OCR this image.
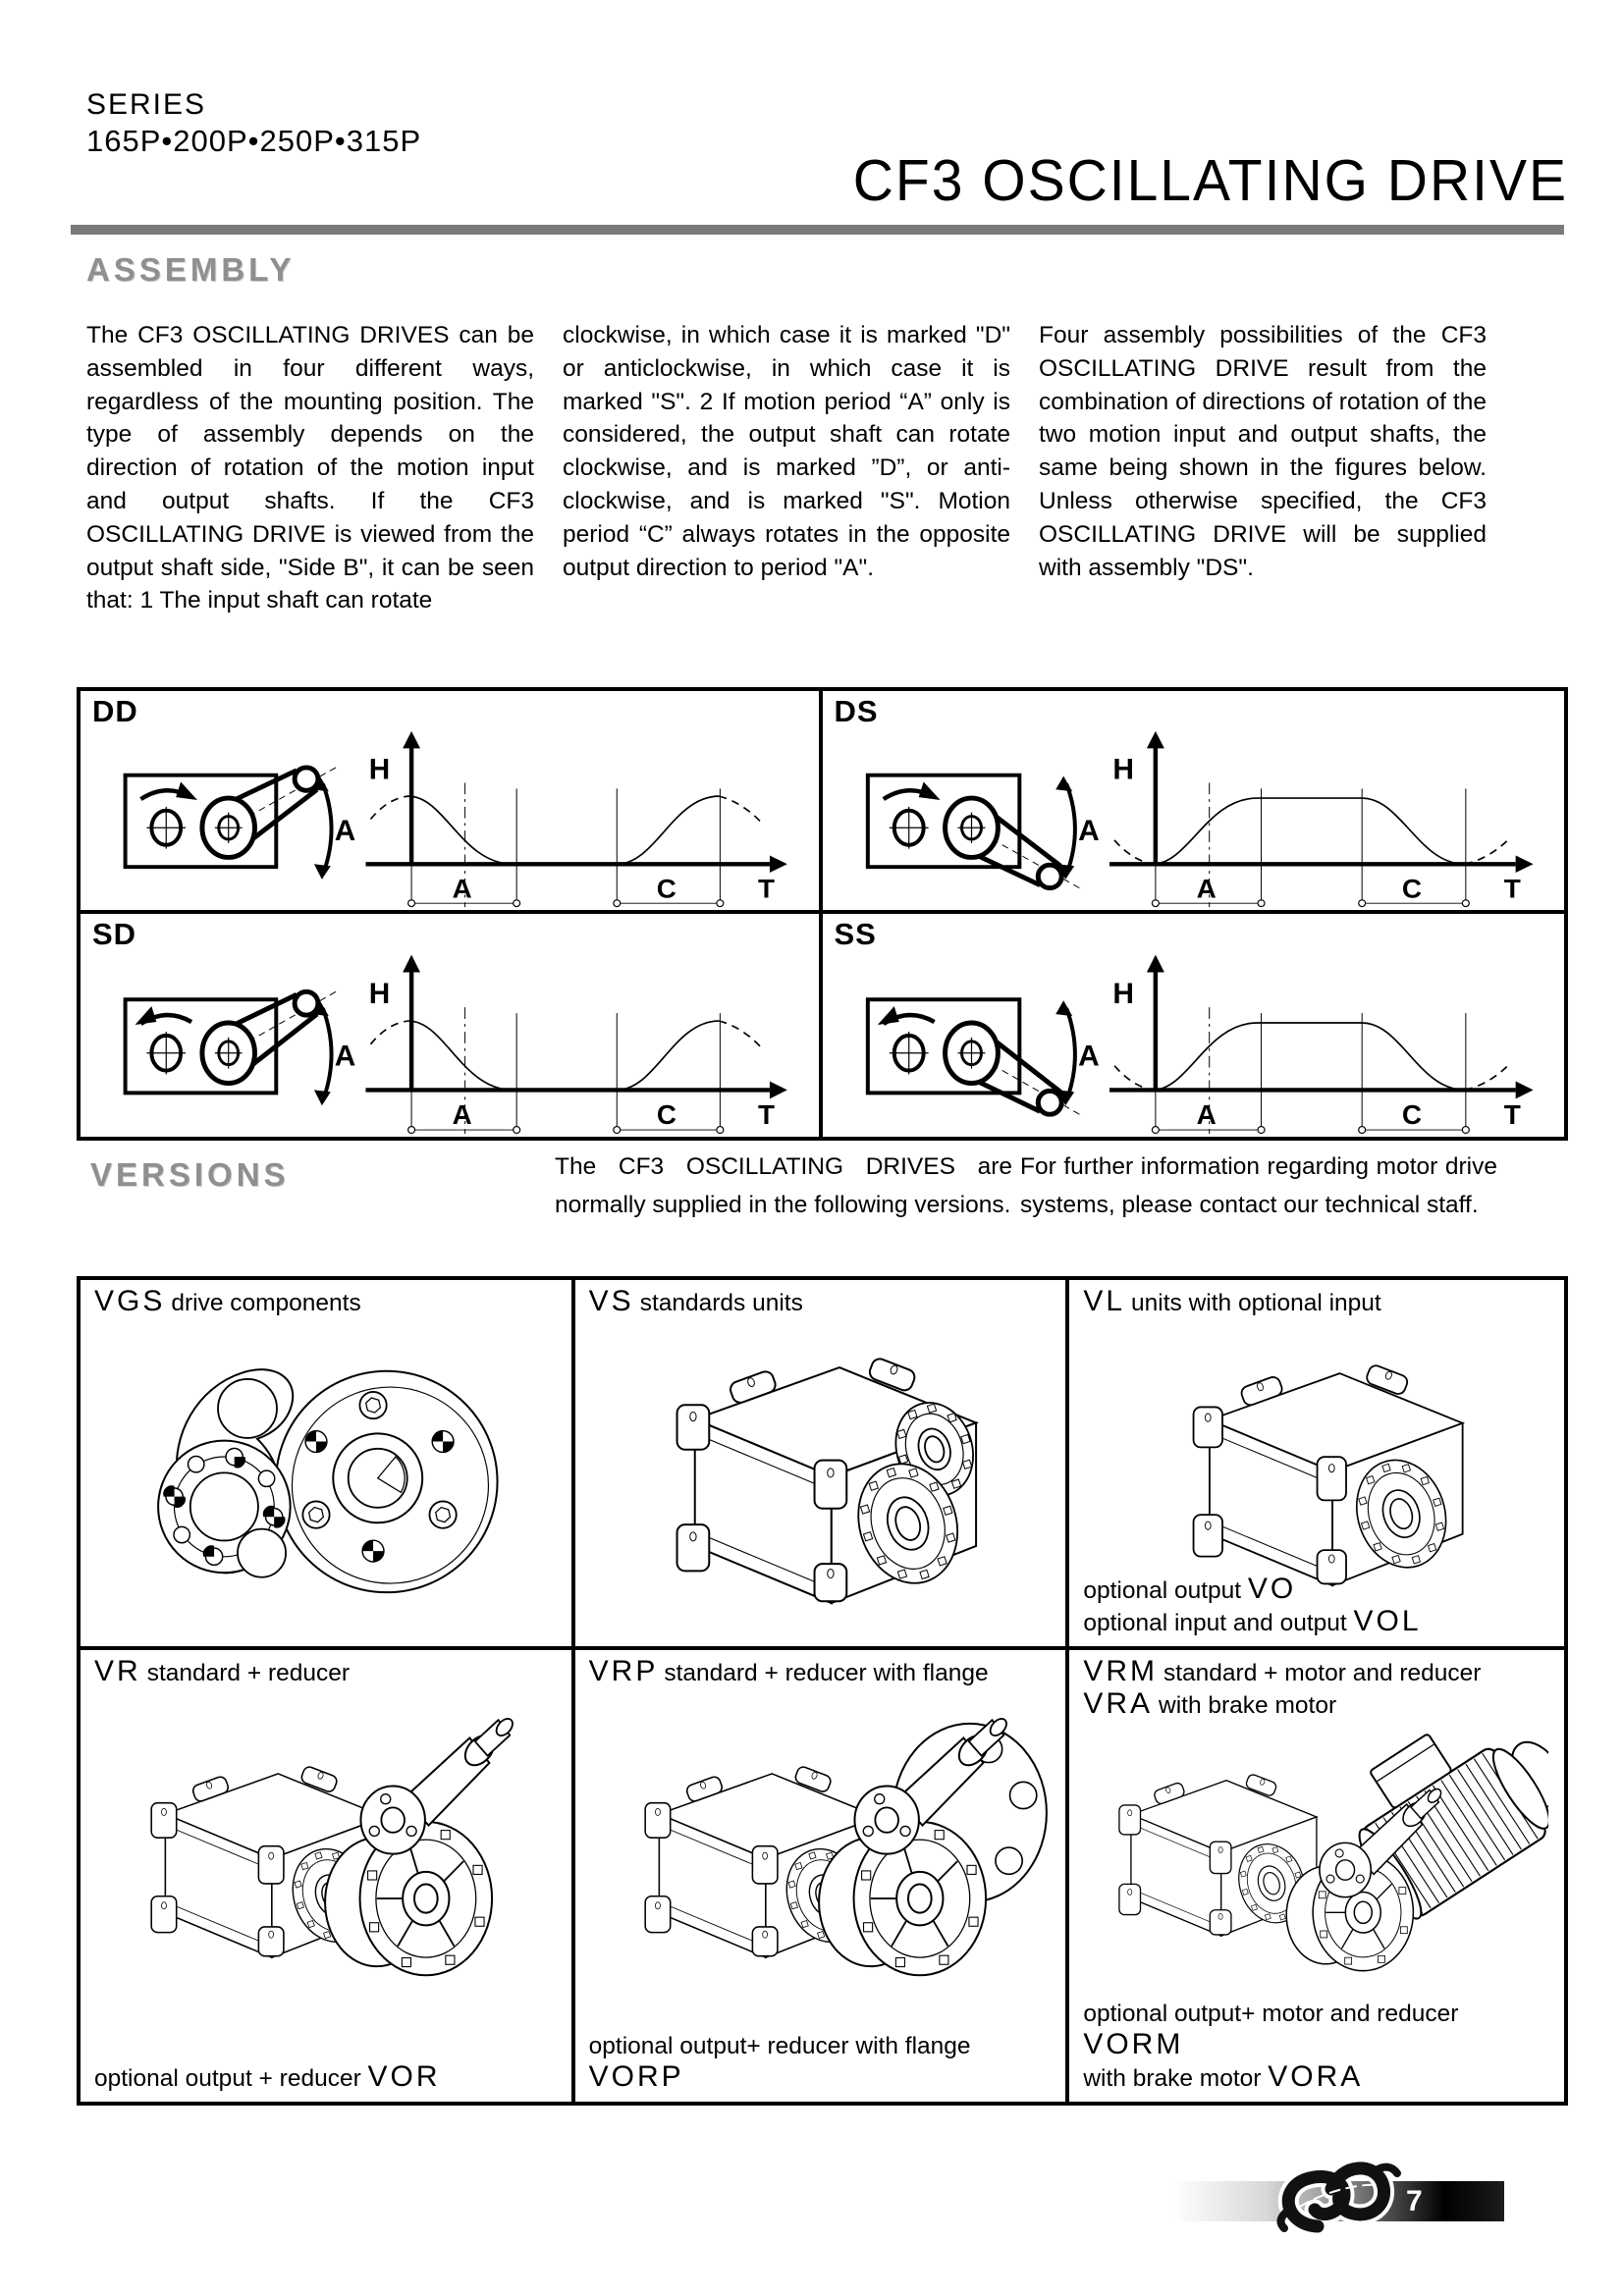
SERIES
165P•200P•250P•315P
CF3 OSCILLATING DRIVE
ASSEMBLY

The CF3 OSCILLATING DRIVES can be assembled in four different ways, regardless of the mounting position. The type of assembly depends on the direction of rotation of the motion input and output shafts. If the CF3 OSCILLATING DRIVE is viewed from the output shaft side, "Side B", it can be seen that: 1 The input shaft can rotate

clockwise, in which case it is marked "D" or anticlockwise, in which case it is marked "S". 2 If motion period “A” only is considered, the output shaft can rotate clockwise, and is marked ”D”, or anti-clockwise, and is marked "S". Motion period “C” always rotates in the opposite output direction to period "A".

Four assembly possibilities of the CF3 OSCILLATING DRIVE result from the combination of directions of rotation of the two motion input and output shafts, the same being shown in the figures below. Unless otherwise specified, the CF3 OSCILLATING DRIVE will be supplied with assembly "DS".

DD
A
H
A	C	T
DS
A
H
A	C	T
SD
A
H
A	C	T
SS
A
H
A	C	T
VERSIONS	The CF3 OSCILLATING DRIVES are normally supplied in the following versions.

For further information regarding motor drive systems, please contact our technical staff.

VGS drive components	VS standards units	VL units with optional input
optional output VO
optional input and output VOL
VR standard + reducer
optional output + reducer VOR
VRP standard + reducer with flange
optional output+ reducer with flange
VORP
VRM standard + motor and reducer
VRA with brake motor
optional output+ motor and reducer
VORM
with brake motor VORA
7
